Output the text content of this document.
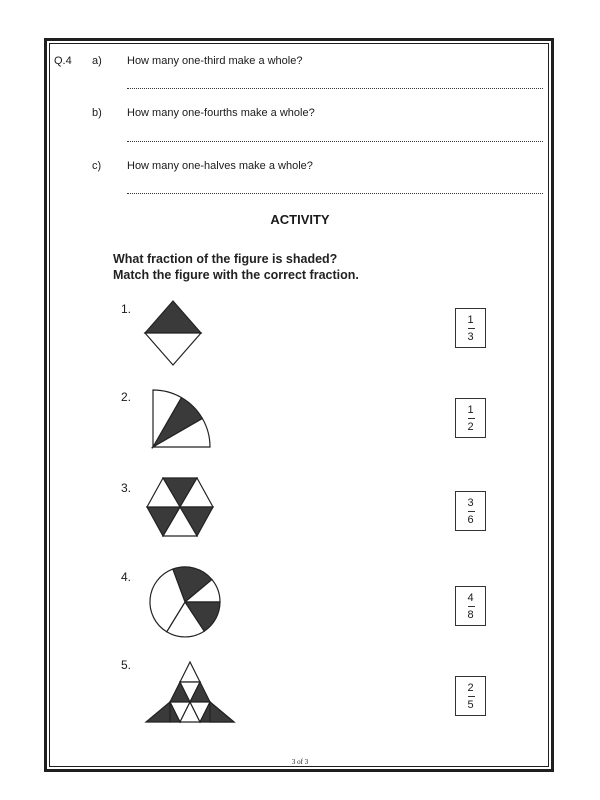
Q.4 a) How many one-third make a whole?
b) How many one-fourths make a whole?
c) How many one-halves make a whole?
ACTIVITY
What fraction of the figure is shaded?
Match the figure with the correct fraction.
1.
2.
3.
4.
5.
1
3
1
2
3
6
4
8
2
5
3 of 3
